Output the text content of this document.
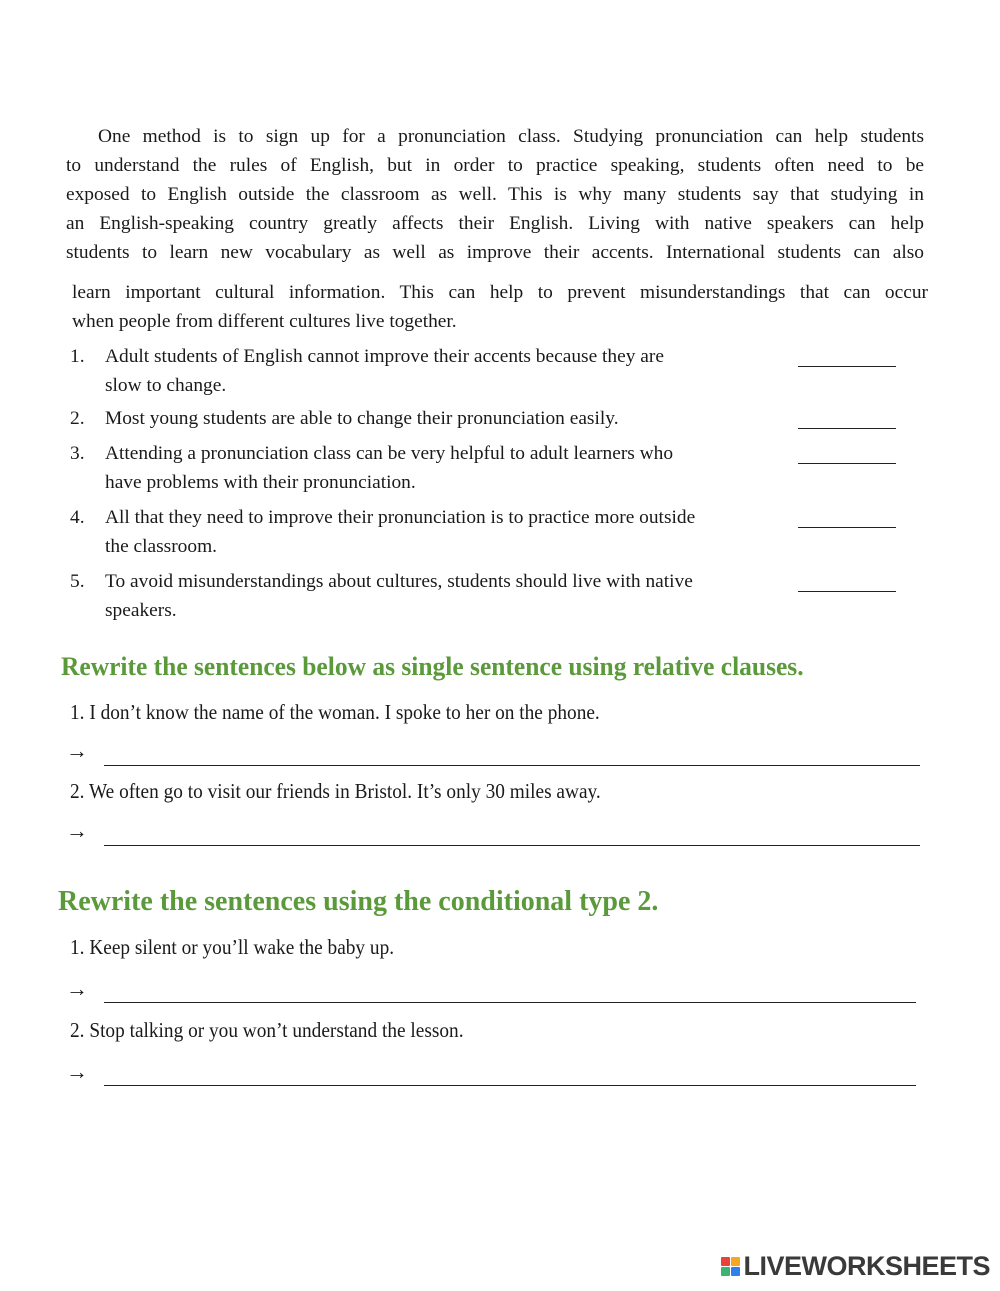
One method is to sign up for a pronunciation class. Studying pronunciation can help students
to understand the rules of English, but in order to practice speaking, students often need to be
exposed to English outside the classroom as well. This is why many students say that studying in
an English-speaking country greatly affects their English. Living with native speakers can help
students to learn new vocabulary as well as improve their accents. International students can also
learn important cultural information. This can help to prevent misunderstandings that can occur
when people from different cultures live together.
1. Adult students of English cannot improve their accents because they are
slow to change.
2. Most young students are able to change their pronunciation easily.
3. Attending a pronunciation class can be very helpful to adult learners who
have problems with their pronunciation.
4. All that they need to improve their pronunciation is to practice more outside
the classroom.
5. To avoid misunderstandings about cultures, students should live with native
speakers.
Rewrite the sentences below as single sentence using relative clauses.
1. I don’t know the name of the woman. I spoke to her on the phone.
→
2. We often go to visit our friends in Bristol. It’s only 30 miles away.
→
Rewrite the sentences using the conditional type 2.
1. Keep silent or you’ll wake the baby up.
→
2. Stop talking or you won’t understand the lesson.
→
LIVEWORKSHEETS
